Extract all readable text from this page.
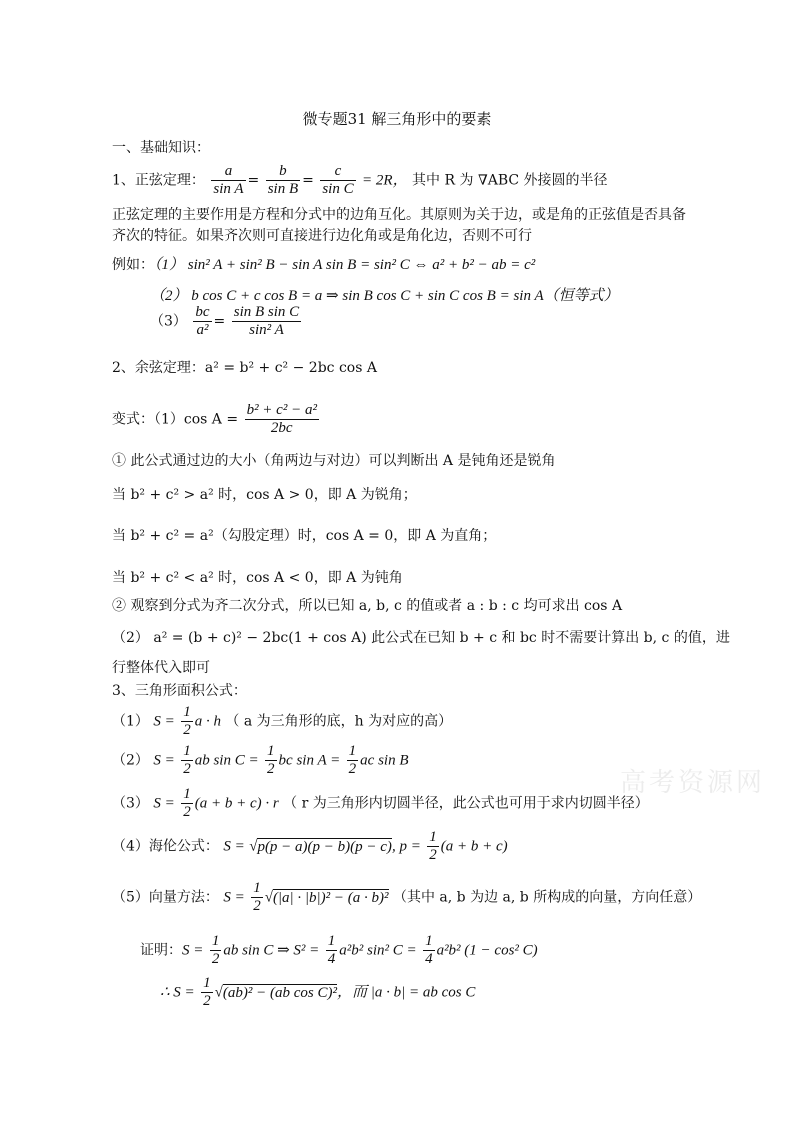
微专题31 解三角形中的要素
一、基础知识：
1、正弦定理： $\frac{a}{\text{sin A}} = \frac{b}{\text{sin B}} = \frac{c}{\text{sin C}} = 2R$， 其中 R 为 ∇ABC 外接圆的半径
正弦定理的主要作用是方程和分式中的边角互化。其原则为关于边，或是角的正弦值是否具备齐次的特征。如果齐次则可直接进行边化角或是角化边，否则不可行
例如：（1） sin² A + sin² B − sin A sin B = sin² C ⇔ a² + b² − ab = c²
（2） b cos C + c cos B = a ⇒ sin B cos C + sin C cos B = sin A（恒等式）
$(3) \frac{bc}{\text{a²}} = \frac{\text{sin B sin C}}{\text{sin² A}}$
2、余弦定理：a² = b² + c² − 2bc cos A
变式：（1）cos $A = \frac{\text{b² + c² − a²}}{2bc}$
① 此公式通过边的大小（角两边与对边）可以判断出 A 是钝角还是锐角
当 b² + c² > a² 时，cos A > 0，即 A 为锐角；
当 b² + c² = a²（勾股定理）时，cos A = 0，即 A 为直角；
当 b² + c² < a² 时，cos A < 0，即 A 为钝角
② 观察到分式为齐二次分式，所以已知 a, b, c 的值或者 a : b : c 均可求出 cos A
（2） a² = (b + c)² − 2bc(1 + cos A) 此公式在已知 b + c 和 bc 时不需要计算出 b, c 的值，进
行整体代入即可
3、三角形面积公式：
（1） $S = \frac{1}{2}$ a · h （ a 为三角形的底，h 为对应的高）
（2） $S = \frac{1}{2}$ ab $\sin C = \frac{1}{2}$ bc $\sin A = \frac{1}{2}$ ac sin B
（3） $S = \frac{1}{2} (a + b + c) \cdot r$ （ r 为三角形内切圆半径，此公式也可用于求内切圆半径）
（4）海伦公式： S = √p(p − a)(p − b)(p − c), $p = \frac{1}{2} (a + b + c)$
（5）向量方法： $S = \frac{1}{2} √(|a| \cdot |b|)^2 - (a \cdot b)^2$ （其中 a, b 为边 a, b 所构成的向量，方向任意）
证明：$S = \frac{1}{2}$ ab sin C ⇒ $S^2 = \frac{1}{4} a^2b^2$ sin² $C = \frac{1}{4} a^2b^2$ (1 − cos² C)
∴ $S = \frac{1}{2} √(ab)^2 - (ab$ cos C)²，而 |a · b| = ab cos C
高考资源网
